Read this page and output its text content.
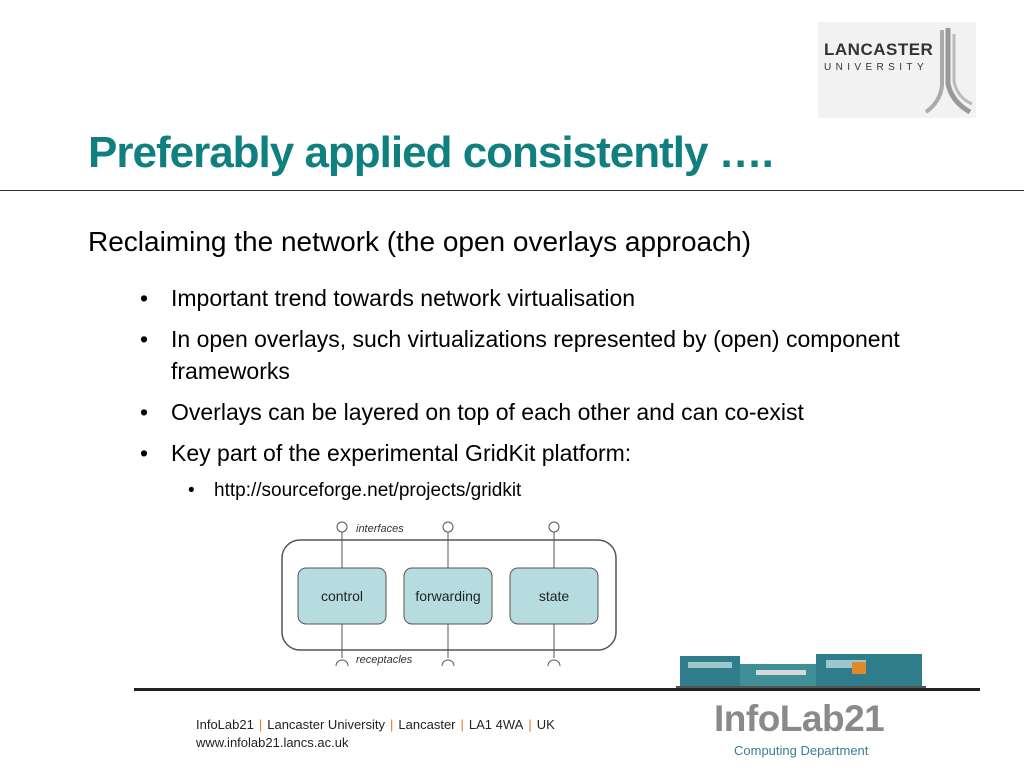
LANCASTER
UNIVERSITY
Preferably applied consistently ….
Reclaiming the network (the open overlays approach)
• Important trend towards network virtualisation
• In open overlays, such virtualizations represented by (open) component frameworks
• Overlays can be layered on top of each other and can co-exist
• Key part of the experimental GridKit platform:
• http://sourceforge.net/projects/gridkit
interfaces
receptacles
control	forwarding	state
InfoLab21 | Lancaster University | Lancaster | LA1 4WA | UK
www.infolab21.lancs.ac.uk
InfoLab21
Computing Department
